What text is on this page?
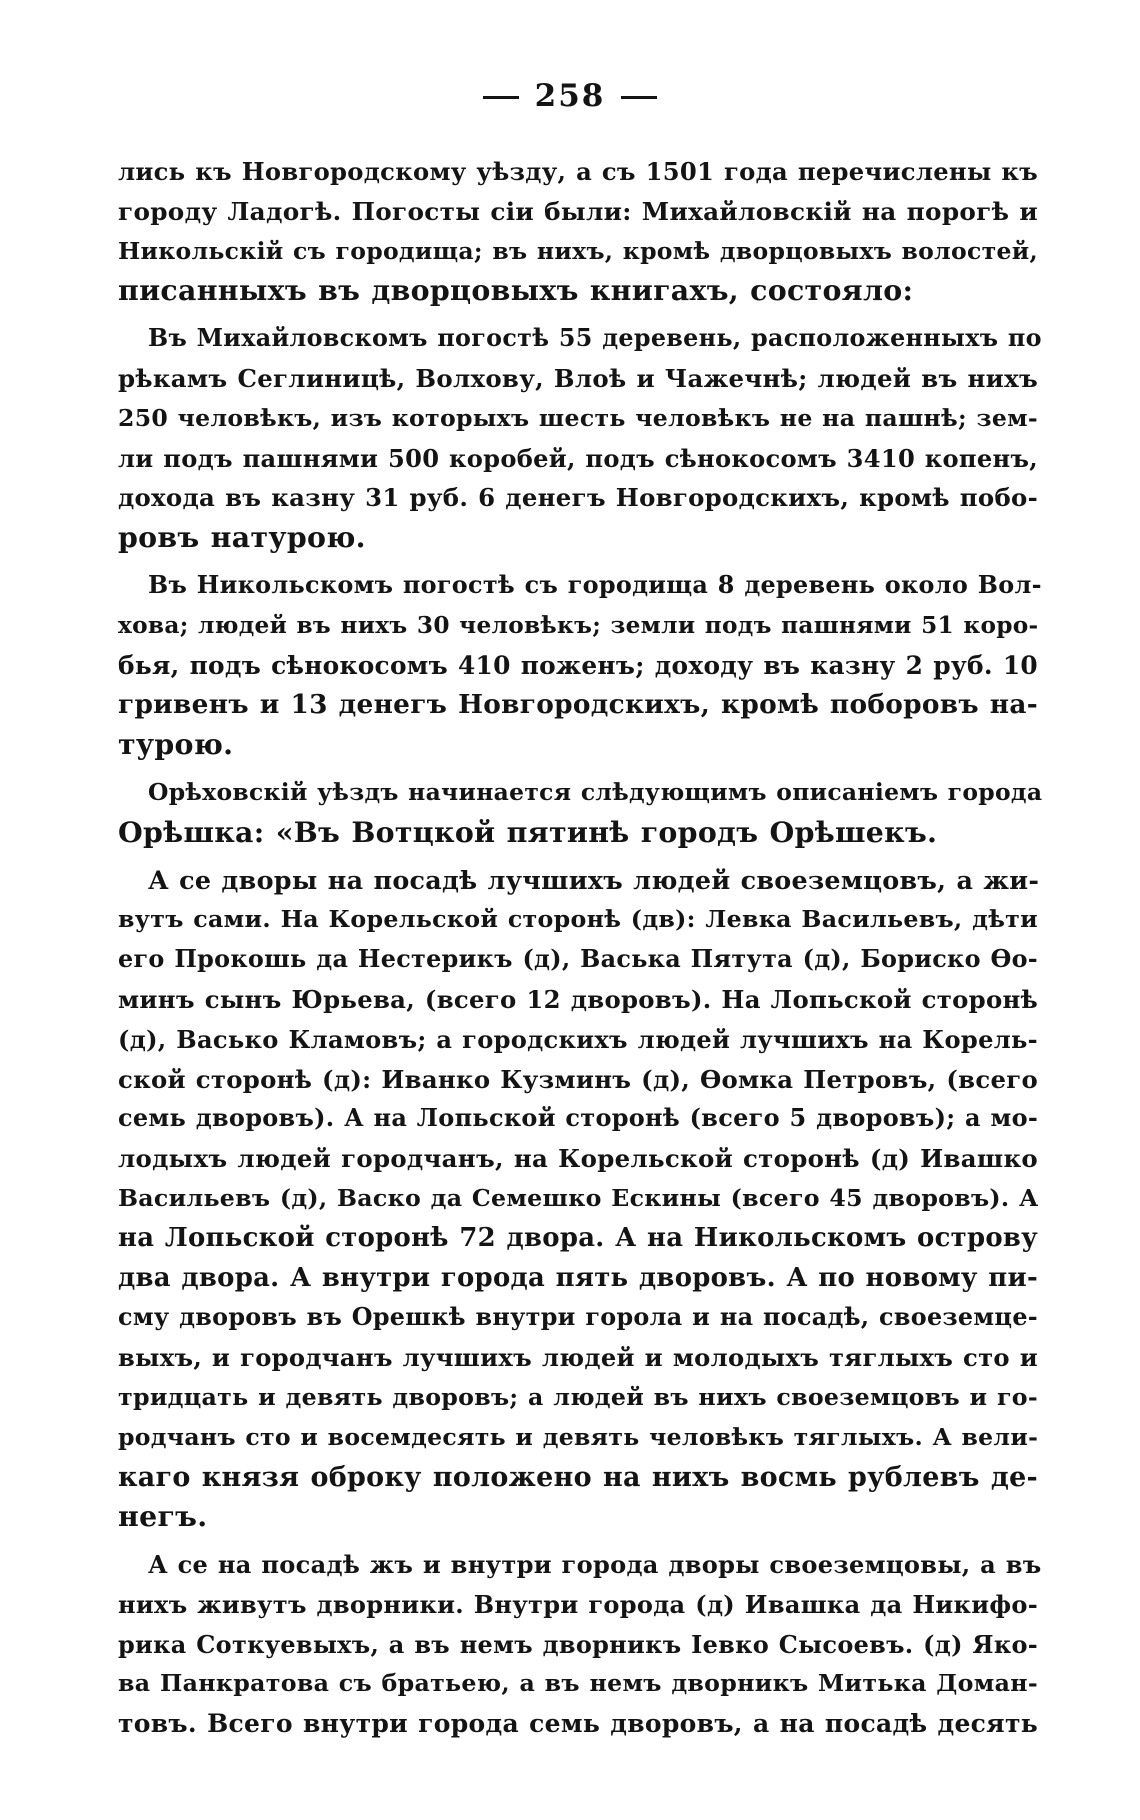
258

лись къ Новгородскому уѣзду, а съ 1501 года перечислены къ
городу Ладогѣ. Погосты сіи были: Михайловскій на порогѣ и
Никольскій съ городища; въ нихъ, кромѣ дворцовыхъ волостей,
писанныхъ въ дворцовыхъ книгахъ, состояло:

Въ Михайловскомъ погостѣ 55 деревень, расположенныхъ по
рѣкамъ Сеглиницѣ, Волхову, Влоѣ и Чажечнѣ; людей въ нихъ
250 человѣкъ, изъ которыхъ шесть человѣкъ не на пашнѣ; зем-
ли подъ пашнями 500 коробей, подъ сѣнокосомъ 3410 копенъ,
дохода въ казну 31 руб. 6 денегъ Новгородскихъ, кромѣ побо-
ровъ натурою.

Въ Никольскомъ погостѣ съ городища 8 деревень около Вол-
хова; людей въ нихъ 30 человѣкъ; земли подъ пашнями 51 коро-
бья, подъ сѣнокосомъ 410 поженъ; доходу въ казну 2 руб. 10
гривенъ и 13 денегъ Новгородскихъ, кромѣ поборовъ на-
турою.

Орѣховскій уѣздъ начинается слѣдующимъ описаніемъ города
Орѣшка: «Въ Вотцкой пятинѣ городъ Орѣшекъ.

А се дворы на посадѣ лучшихъ людей своеземцовъ, а жи-
вутъ сами. На Корельской сторонѣ (дв): Левка Васильевъ, дѣти
его Прокошь да Нестерикъ (д), Васька Пятута (д), Бориско Ѳо-
минъ сынъ Юрьева, (всего 12 дворовъ). На Лопьской сторонѣ
(д), Васько Кламовъ; а городскихъ людей лучшихъ на Корель-
ской сторонѣ (д): Иванко Кузминъ (д), Ѳомка Петровъ, (всего
семь дворовъ). А на Лопьской сторонѣ (всего 5 дворовъ); а мо-
лодыхъ людей городчанъ, на Корельской сторонѣ (д) Ивашко
Васильевъ (д), Васко да Семешко Ескины (всего 45 дворовъ). А
на Лопьской сторонѣ 72 двора. А на Никольскомъ острову
два двора. А внутри города пять дворовъ. А по новому пи-
сму дворовъ въ Орешкѣ внутри горола и на посадѣ, своеземце-
выхъ, и городчанъ лучшихъ людей и молодыхъ тяглыхъ сто и
тридцать и девять дворовъ; а людей въ нихъ своеземцовъ и го-
родчанъ сто и восемдесять и девять человѣкъ тяглыхъ. А вели-
каго князя оброку положено на нихъ восмь рублевъ де-
негъ.

А се на посадѣ жъ и внутри города дворы своеземцовы, а въ
нихъ живутъ дворники. Внутри города (д) Ивашка да Никифо-
рика Соткуевыхъ, а въ немъ дворникъ Іевко Сысоевъ. (д) Яко-
ва Панкратова съ братьею, а въ немъ дворникъ Митька Доман-
товъ. Всего внутри города семь дворовъ, а на посадѣ десять
